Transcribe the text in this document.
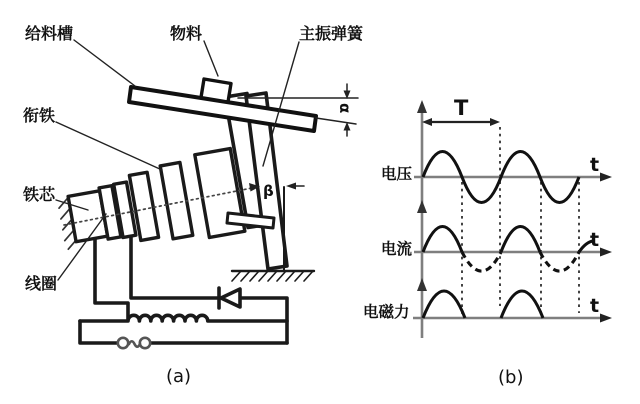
β
α
给料槽	物料	主振弹簧
衔铁
铁芯
线圈
(a)
T
电压	t
电流	t
电磁力	t
(b)
